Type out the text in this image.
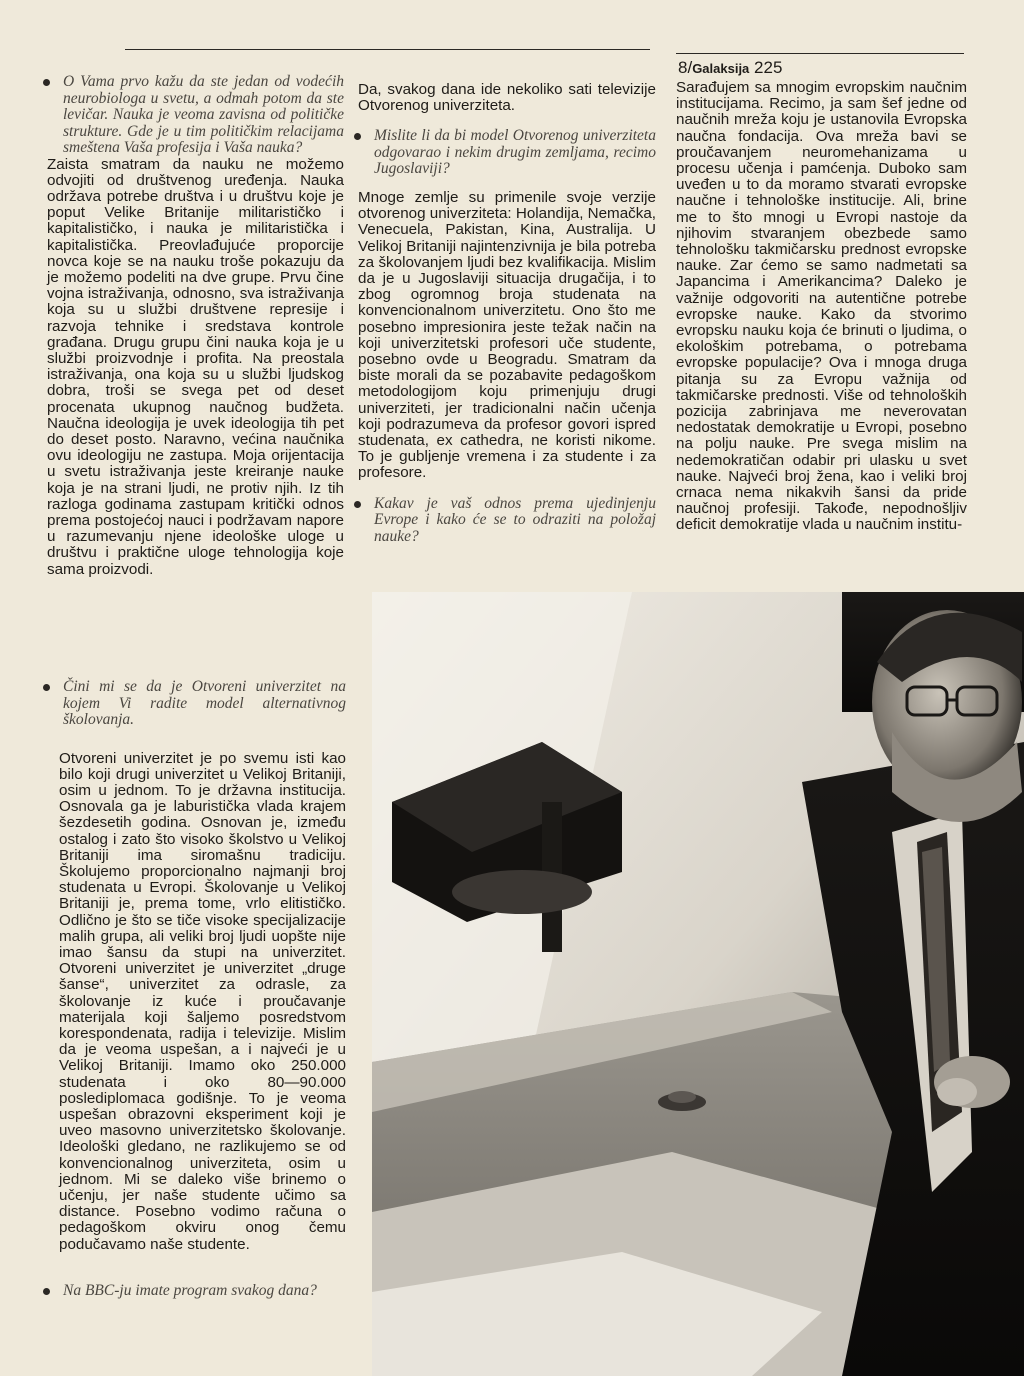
8/Galaksija 225

O Vama prvo kažu da ste jedan od vodećih neurobiologa u svetu, a odmah potom da ste levičar. Nauka je veoma zavisna od političke strukture. Gde je u tim političkim relacijama smeštena Vaša profesija i Vaša nauka?

Zaista smatram da nauku ne možemo odvojiti od društvenog uređenja. Nauka održava potrebe društva i u društvu koje je poput Velike Britanije militarističko i kapitalističko, i nauka je militaristička i kapitalistička. Preovlađujuće proporcije novca koje se na nauku troše pokazuju da je možemo podeliti na dve grupe. Prvu čine vojna istraživanja, odnosno, sva istraživanja koja su u službi društvene represije i razvoja tehnike i sredstava kontrole građana. Drugu grupu čini nauka koja je u službi proizvodnje i profita. Na preostala istraživanja, ona koja su u službi ljudskog dobra, troši se svega pet od deset procenata ukupnog naučnog budžeta. Naučna ideologija je uvek ideologija tih pet do deset posto. Naravno, većina naučnika ovu ideologiju ne zastupa. Moja orijentacija u svetu istraživanja jeste kreiranje nauke koja je na strani ljudi, ne protiv njih. Iz tih razloga godinama zastupam kritički odnos prema postojećoj nauci i podržavam napore u razumevanju njene ideološke uloge u društvu i praktične uloge tehnologija koje sama proizvodi.

Čini mi se da je Otvoreni univerzitet na kojem Vi radite model alternativnog školovanja.

Otvoreni univerzitet je po svemu isti kao bilo koji drugi univerzitet u Velikoj Britaniji, osim u jednom. To je državna institucija. Osnovala ga je laburistička vlada krajem šezdesetih godina. Osnovan je, između ostalog i zato što visoko školstvo u Velikoj Britaniji ima siromašnu tradiciju. Školujemo proporcionalno najmanji broj studenata u Evropi. Školovanje u Velikoj Britaniji je, prema tome, vrlo elitističko. Odlično je što se tiče visoke specijalizacije malih grupa, ali veliki broj ljudi uopšte nije imao šansu da stupi na univerzitet. Otvoreni univerzitet je univerzitet „druge šanse“, univerzitet za odrasle, za školovanje iz kuće i proučavanje materijala koji šaljemo posredstvom korespondenata, radija i televizije. Mislim da je veoma uspešan, a i najveći je u Velikoj Britaniji. Imamo oko 250.000 studenata i oko 80—90.000 poslediplomaca godišnje. To je veoma uspešan obrazovni eksperiment koji je uveo masovno univerzitetsko školovanje. Ideološki gledano, ne razlikujemo se od konvencionalnog univerziteta, osim u jednom. Mi se daleko više brinemo o učenju, jer naše studente učimo sa distance. Posebno vodimo računa o pedagoškom okviru onog čemu podučavamo naše studente.

Na BBC-ju imate program svakog dana?

Da, svakog dana ide nekoliko sati televizije Otvorenog univerziteta.

Mislite li da bi model Otvorenog univerziteta odgovarao i nekim drugim zemljama, recimo Jugoslaviji?

Mnoge zemlje su primenile svoje verzije otvorenog univerziteta: Holandija, Nemačka, Venecuela, Pakistan, Kina, Australija. U Velikoj Britaniji najintenzivnija je bila potreba za školovanjem ljudi bez kvalifikacija. Mislim da je u Jugoslaviji situacija drugačija, i to zbog ogromnog broja studenata na konvencionalnom univerzitetu. Ono što me posebno impresionira jeste težak način na koji univerzitetski profesori uče studente, posebno ovde u Beogradu. Smatram da biste morali da se pozabavite pedagoškom metodologijom koju primenjuju drugi univerziteti, jer tradicionalni način učenja koji podrazumeva da profesor govori ispred studenata, ex cathedra, ne koristi nikome. To je gubljenje vremena i za studente i za profesore.

Kakav je vaš odnos prema ujedinjenju Evrope i kako će se to odraziti na položaj nauke?

Sarađujem sa mnogim evropskim naučnim institucijama. Recimo, ja sam šef jedne od naučnih mreža koju je ustanovila Evropska naučna fondacija. Ova mreža bavi se proučavanjem neuromehanizama u procesu učenja i pamćenja. Duboko sam uveđen u to da moramo stvarati evropske naučne i tehnološke institucije. Ali, brine me to što mnogi u Evropi nastoje da njihovim stvaranjem obezbede samo tehnološku takmičarsku prednost evropske nauke. Zar ćemo se samo nadmetati sa Japancima i Amerikancima? Daleko je važnije odgovoriti na autentične potrebe evropske nauke. Kako da stvorimo evropsku nauku koja će brinuti o ljudima, o ekološkim potrebama, o potrebama evropske populacije? Ova i mnoga druga pitanja su za Evropu važnija od takmičarske prednosti. Više od tehnoloških pozicija zabrinjava me neverovatan nedostatak demokratije u Evropi, posebno na polju nauke. Pre svega mislim na nedemokratičan odabir pri ulasku u svet nauke. Najveći broj žena, kao i veliki broj crnaca nema nikakvih šansi da pride naučnoj profesiji. Takođe, nepodnošljiv deficit demokratije vlada u naučnim institu-
